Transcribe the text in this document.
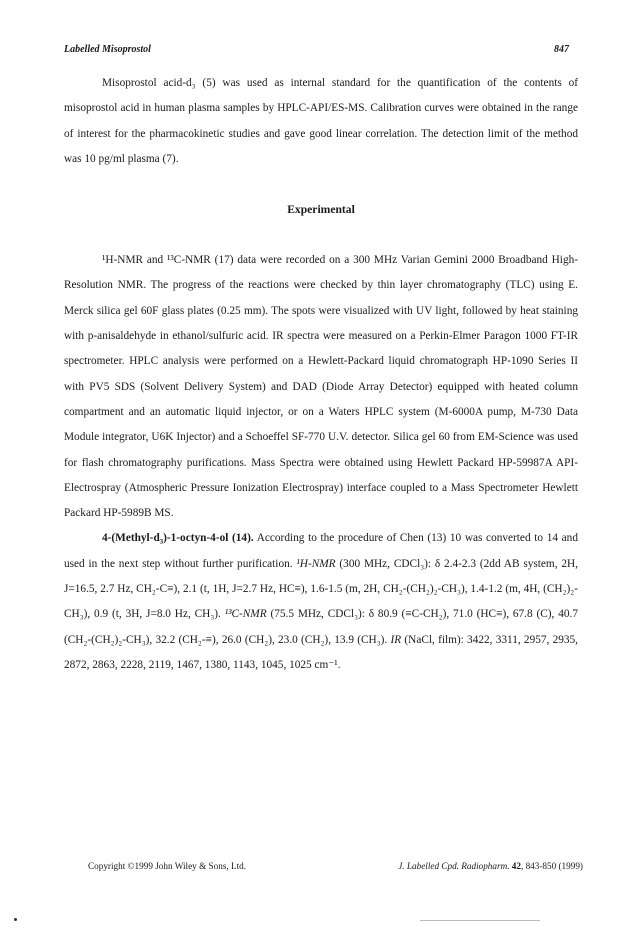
Labelled Misoprostol	847

Misoprostol acid-d₃ (5) was used as internal standard for the quantification of the contents of misoprostol acid in human plasma samples by HPLC-API/ES-MS. Calibration curves were obtained in the range of interest for the pharmacokinetic studies and gave good linear correlation. The detection limit of the method was 10 pg/ml plasma (7).

Experimental

¹H-NMR and ¹³C-NMR (17) data were recorded on a 300 MHz Varian Gemini 2000 Broadband High-Resolution NMR. The progress of the reactions were checked by thin layer chromatography (TLC) using E. Merck silica gel 60F glass plates (0.25 mm). The spots were visualized with UV light, followed by heat staining with p-anisaldehyde in ethanol/sulfuric acid. IR spectra were measured on a Perkin-Elmer Paragon 1000 FT-IR spectrometer. HPLC analysis were performed on a Hewlett-Packard liquid chromatograph HP-1090 Series II with PV5 SDS (Solvent Delivery System) and DAD (Diode Array Detector) equipped with heated column compartment and an automatic liquid injector, or on a Waters HPLC system (M-6000A pump, M-730 Data Module integrator, U6K Injector) and a Schoeffel SF-770 U.V. detector. Silica gel 60 from EM-Science was used for flash chromatography purifications. Mass Spectra were obtained using Hewlett Packard HP-59987A API-Electrospray (Atmospheric Pressure Ionization Electrospray) interface coupled to a Mass Spectrometer Hewlett Packard HP-5989B MS.

4-(Methyl-d₃)-1-octyn-4-ol (14). According to the procedure of Chen (13) 10 was converted to 14 and used in the next step without further purification. ¹H-NMR (300 MHz, CDCl₃): δ 2.4-2.3 (2dd AB system, 2H, J=16.5, 2.7 Hz, CH₂-C≡), 2.1 (t, 1H, J=2.7 Hz, HC≡), 1.6-1.5 (m, 2H, CH₂-(CH₂)₂-CH₃), 1.4-1.2 (m, 4H, (CH₂)₂-CH₃), 0.9 (t, 3H, J=8.0 Hz, CH₃). ¹³C-NMR (75.5 MHz, CDCl₃): δ 80.9 (≡C-CH₂), 71.0 (HC≡), 67.8 (C), 40.7 (CH₂-(CH₂)₂-CH₃), 32.2 (CH₂-≡), 26.0 (CH₂), 23.0 (CH₂), 13.9 (CH₃). IR (NaCl, film): 3422, 3311, 2957, 2935, 2872, 2863, 2228, 2119, 1467, 1380, 1143, 1045, 1025 cm⁻¹.

Copyright ©1999 John Wiley & Sons, Ltd.	J. Labelled Cpd. Radiopharm. 42, 843-850 (1999)
